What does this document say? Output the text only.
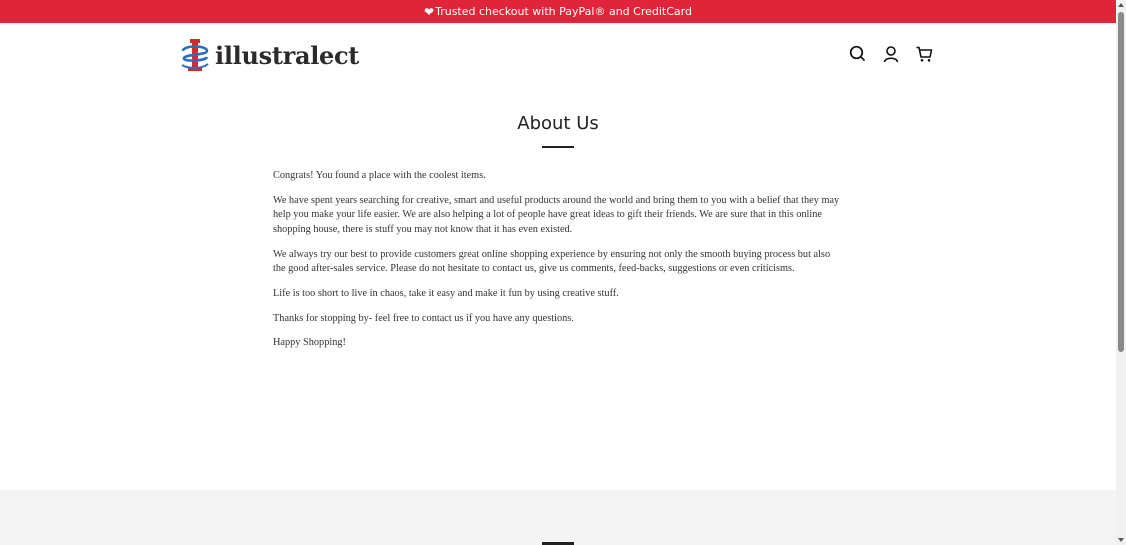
❤ Trusted checkout with PayPal® and CreditCard
illustralect
About Us

Congrats! You found a place with the coolest items.

We have spent years searching for creative, smart and useful products around the world and bring them to you with a belief that they may help you make your life easier. We are also helping a lot of people have great ideas to gift their friends. We are sure that in this online shopping house, there is stuff you may not know that it has even existed.

We always try our best to provide customers great online shopping experience by ensuring not only the smooth buying process but also the good after-sales service. Please do not hesitate to contact us, give us comments, feed-backs, suggestions or even criticisms.

Life is too short to live in chaos, take it easy and make it fun by using creative stuff.

Thanks for stopping by- feel free to contact us if you have any questions.

Happy Shopping!
